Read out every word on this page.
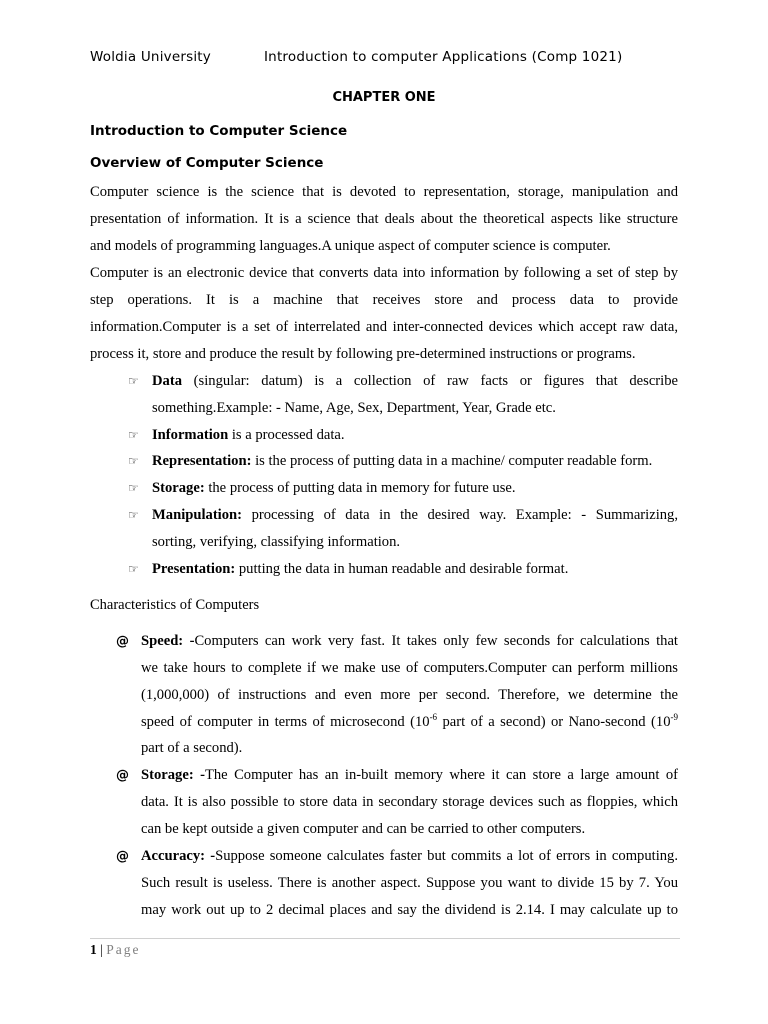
Woldia University	Introduction to computer Applications (Comp 1021)
CHAPTER ONE
Introduction to Computer Science
Overview of Computer Science
Computer science is the science that is devoted to representation, storage, manipulation and
presentation of information. It is a science that deals about the theoretical aspects like structure
and models of programming languages.A unique aspect of computer science is computer.
Computer is an electronic device that converts data into information by following a set of step by
step operations. It is a machine that receives store and process data to provide
information.Computer is a set of interrelated and inter-connected devices which accept raw data,
process it, store and produce the result by following pre-determined instructions or programs.
☞ Data (singular: datum) is a collection of raw facts or figures that describe
something.Example: - Name, Age, Sex, Department, Year, Grade etc.
☞ Information is a processed data.
☞ Representation: is the process of putting data in a machine/ computer readable form.
☞ Storage: the process of putting data in memory for future use.
☞ Manipulation: processing of data in the desired way. Example: - Summarizing,
sorting, verifying, classifying information.
☞ Presentation: putting the data in human readable and desirable format.
Characteristics of Computers
@ Speed: -Computers can work very fast. It takes only few seconds for calculations that
we take hours to complete if we make use of computers.Computer can perform millions
(1,000,000) of instructions and even more per second. Therefore, we determine the
speed of computer in terms of microsecond ($10^{-6}$ part of a second) or Nano-second ($10^{-9}$
part of a second).
@ Storage: -The Computer has an in-built memory where it can store a large amount of
data. It is also possible to store data in secondary storage devices such as floppies, which
can be kept outside a given computer and can be carried to other computers.
@ Accuracy: -Suppose someone calculates faster but commits a lot of errors in computing.
Such result is useless. There is another aspect. Suppose you want to divide 15 by 7. You
may work out up to 2 decimal places and say the dividend is 2.14. I may calculate up to
1 | Page
